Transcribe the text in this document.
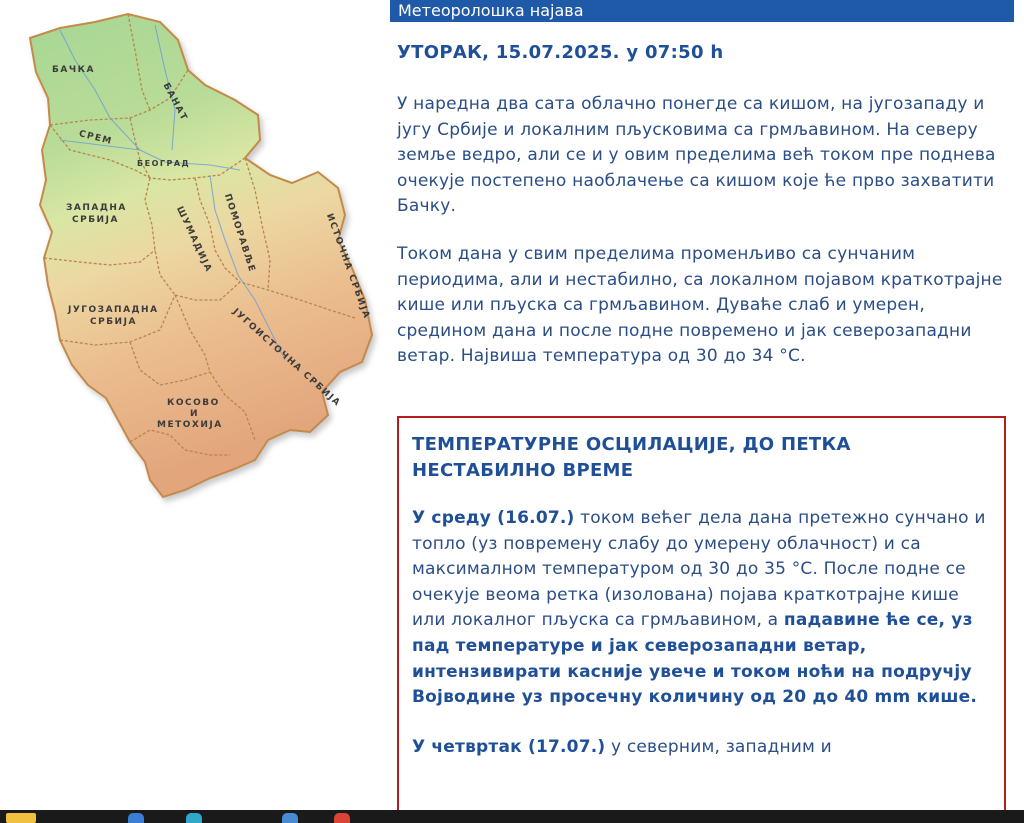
БАЧКА
БАНАТ
СРЕМ
БЕОГРАД
ЗАПАДНА
СРБИЈА	ШУМАДИЈА ПОМОРАВЉЕ	ИСТОЧНА СРБИЈА
ЈУГОЗАПАДНА
СРБИЈА	ЈУГОИСТОЧНА СРБИЈА
КОСОВО
И
МЕТОХИЈА
Метеоролошка најава
УТОРАК, 15.07.2025. у 07:50 h

У наредна два сата облачно понегде са кишом, на југозападу и југу Србије и локалним пљусковима са грмљавином. На северу земље ведро, али се и у овим пределима већ током пре поднева очекује постепено наоблачење са кишом које ће прво захватити Бачку.

Током дана у свим пределима променљиво са сунчаним периодима, али и нестабилно, са локалном појавом краткотрајне кише или пљуска са грмљавином. Дуваће слаб и умерен, средином дана и после подне повремено и јак северозападни ветар. Највиша температура од 30 до 34 °C.

ТЕМПЕРАТУРНЕ ОСЦИЛАЦИЈЕ, ДО ПЕТКА НЕСТАБИЛНО ВРЕМЕ

У среду (16.07.) током већег дела дана претежно сунчано и топло (уз повремену слабу до умерену облачност) и са максималном температуром од 30 до 35 °C. После подне се очекује веома ретка (изолована) појава краткотрајне кише или локалног пљуска са грмљавином, а падавине ће се, уз пад температуре и јак северозападни ветар, интензивирати касније увече и током ноћи на подручју Војводине уз просечну количину од 20 до 40 mm кише.

У четвртак (17.07.) у северним, западним и
